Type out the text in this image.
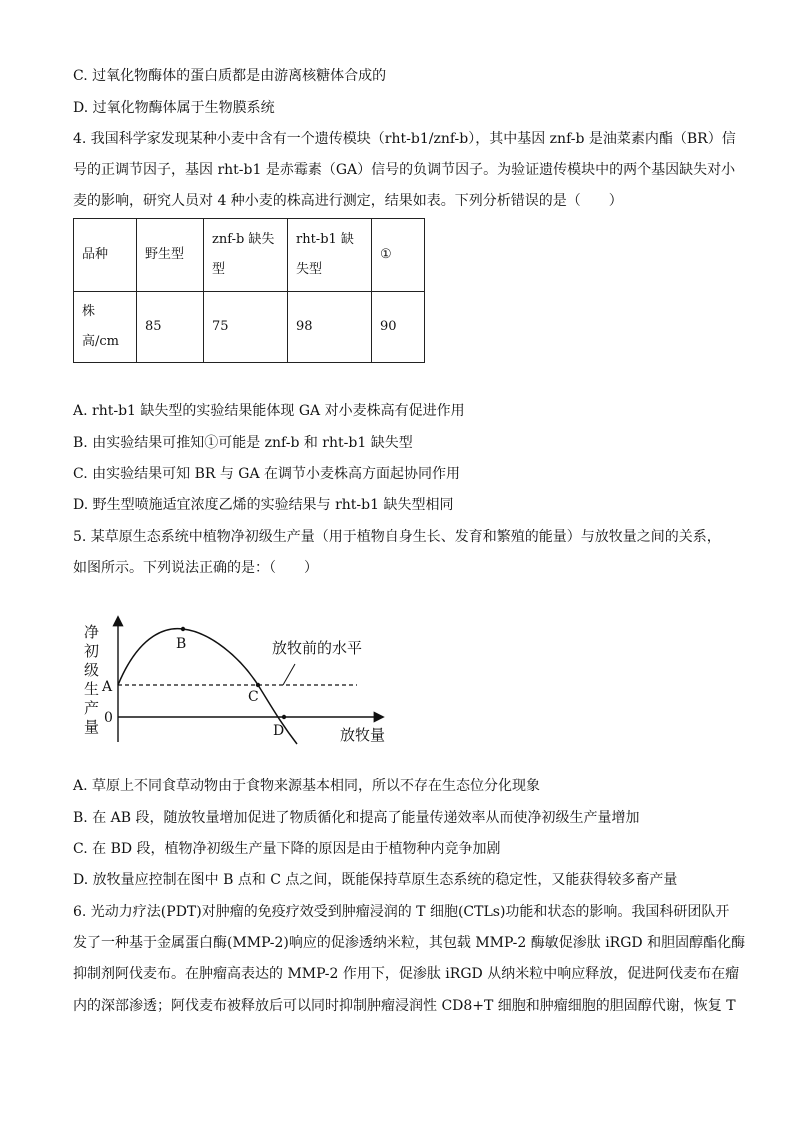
C. 过氧化物酶体的蛋白质都是由游离核糖体合成的
D. 过氧化物酶体属于生物膜系统
4. 我国科学家发现某种小麦中含有一个遗传模块（rht-b1/znf-b），其中基因 znf-b 是油菜素内酯（BR）信
号的正调节因子，基因 rht-b1 是赤霉素（GA）信号的负调节因子。为验证遗传模块中的两个基因缺失对小
麦的影响，研究人员对 4 种小麦的株高进行测定，结果如表。下列分析错误的是（　　）
品种	野生型	znf-b 缺失型	rht-b1 缺失型	①
株高/cm	85	75	98	90
A. rht-b1 缺失型的实验结果能体现 GA 对小麦株高有促进作用
B. 由实验结果可推知①可能是 znf-b 和 rht-b1 缺失型
C. 由实验结果可知 BR 与 GA 在调节小麦株高方面起协同作用
D. 野生型喷施适宜浓度乙烯的实验结果与 rht-b1 缺失型相同
5. 某草原生态系统中植物净初级生产量（用于植物自身生长、发育和繁殖的能量）与放牧量之间的关系，
如图所示。下列说法正确的是：（　　）
净
初
级
生
产
量
A
0
B
C
D
放牧前的水平
放牧量
A. 草原上不同食草动物由于食物来源基本相同，所以不存在生态位分化现象
B. 在 AB 段，随放牧量增加促进了物质循化和提高了能量传递效率从而使净初级生产量增加
C. 在 BD 段，植物净初级生产量下降的原因是由于植物种内竞争加剧
D. 放牧量应控制在图中 B 点和 C 点之间，既能保持草原生态系统的稳定性，又能获得较多畜产量
6. 光动力疗法(PDT)对肿瘤的免疫疗效受到肿瘤浸润的 T 细胞(CTLs)功能和状态的影响。我国科研团队开
发了一种基于金属蛋白酶(MMP-2)响应的促渗透纳米粒，其包载 MMP-2 酶敏促渗肽 iRGD 和胆固醇酯化酶
抑制剂阿伐麦布。在肿瘤高表达的 MMP-2 作用下，促渗肽 iRGD 从纳米粒中响应释放，促进阿伐麦布在瘤
内的深部渗透；阿伐麦布被释放后可以同时抑制肿瘤浸润性 CD8+T 细胞和肿瘤细胞的胆固醇代谢，恢复 T
